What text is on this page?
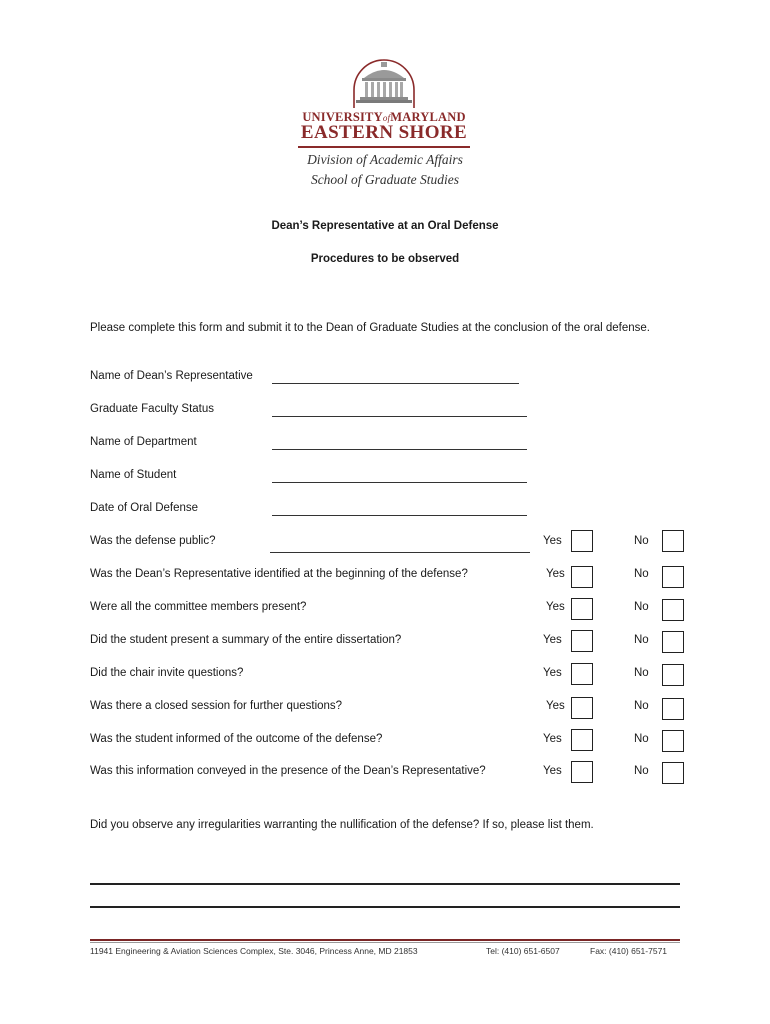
UNIVERSITYofMARYLAND
EASTERN SHORE
Division of Academic Affairs
School of Graduate Studies
Dean’s Representative at an Oral Defense
Procedures to be observed
Please complete this form and submit it to the Dean of Graduate Studies at the conclusion of the oral defense.
Name of Dean’s Representative
Graduate Faculty Status
Name of Department
Name of Student
Date of Oral Defense
Was the defense public?	Yes	No
Was the Dean’s Representative identified at the beginning of the defense?	Yes	No
Were all the committee members present?	Yes	No
Did the student present a summary of the entire dissertation?	Yes	No
Did the chair invite questions?	Yes	No
Was there a closed session for further questions?	Yes	No
Was the student informed of the outcome of the defense?	Yes	No
Was this information conveyed in the presence of the Dean’s Representative?	Yes	No
Did you observe any irregularities warranting the nullification of the defense? If so, please list them.
11941 Engineering & Aviation Sciences Complex, Ste. 3046, Princess Anne, MD 21853	Tel: (410) 651-6507	Fax: (410) 651-7571
